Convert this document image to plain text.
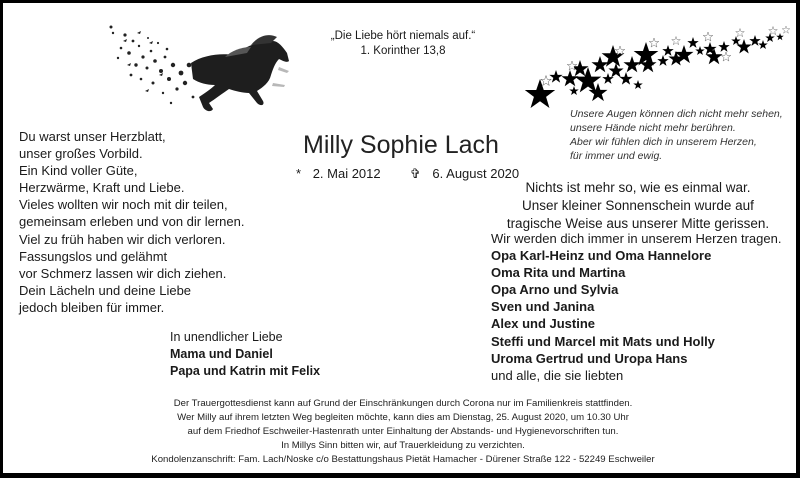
„Die Liebe hört niemals auf.“
1. Korinther 13,8
Unsere Augen können dich nicht mehr sehen,
unsere Hände nicht mehr berühren.
Aber wir fühlen dich in unserem Herzen,
für immer und ewig.
Du warst unser Herzblatt,
unser großes Vorbild.
Ein Kind voller Güte,
Herzwärme, Kraft und Liebe.
Vieles wollten wir noch mit dir teilen,
gemeinsam erleben und von dir lernen.
Viel zu früh haben wir dich verloren.
Fassungslos und gelähmt
vor Schmerz lassen wir dich ziehen.
Dein Lächeln und deine Liebe
jedoch bleiben für immer.
Milly Sophie Lach
* 2. Mai 2012 ✞ 6. August 2020
Nichts ist mehr so, wie es einmal war.
Unser kleiner Sonnenschein wurde auf
tragische Weise aus unserer Mitte gerissen.
Wir werden dich immer in unserem Herzen tragen.
Opa Karl-Heinz und Oma Hannelore
Oma Rita und Martina
Opa Arno und Sylvia
Sven und Janina
Alex und Justine
Steffi und Marcel mit Mats und Holly
Uroma Gertrud und Uropa Hans
und alle, die sie liebten
In unendlicher Liebe
Mama und Daniel
Papa und Katrin mit Felix
Der Trauergottesdienst kann auf Grund der Einschränkungen durch Corona nur im Familienkreis stattfinden.
Wer Milly auf ihrem letzten Weg begleiten möchte, kann dies am Dienstag, 25. August 2020, um 10.30 Uhr
auf dem Friedhof Eschweiler-Hastenrath unter Einhaltung der Abstands- und Hygienevorschriften tun.
In Millys Sinn bitten wir, auf Trauerkleidung zu verzichten.
Kondolenzanschrift: Fam. Lach/Noske c/o Bestattungshaus Pietät Hamacher - Dürener Straße 122 - 52249 Eschweiler
